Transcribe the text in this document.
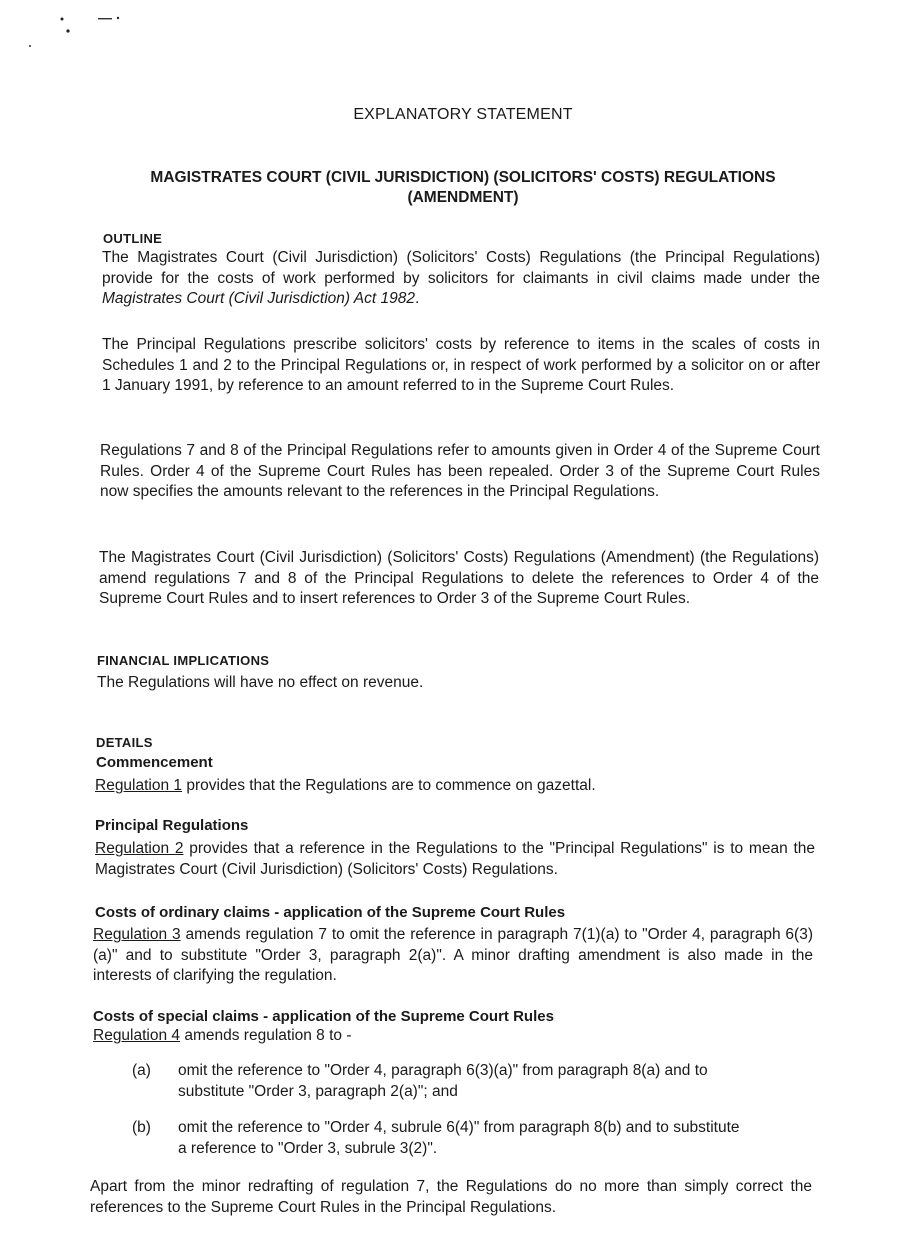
EXPLANATORY STATEMENT
MAGISTRATES COURT (CIVIL JURISDICTION) (SOLICITORS' COSTS) REGULATIONS
(AMENDMENT)
OUTLINE

The Magistrates Court (Civil Jurisdiction) (Solicitors' Costs) Regulations (the Principal Regulations) provide for the costs of work performed by solicitors for claimants in civil claims made under the Magistrates Court (Civil Jurisdiction) Act 1982.

The Principal Regulations prescribe solicitors' costs by reference to items in the scales of costs in Schedules 1 and 2 to the Principal Regulations or, in respect of work performed by a solicitor on or after 1 January 1991, by reference to an amount referred to in the Supreme Court Rules.

Regulations 7 and 8 of the Principal Regulations refer to amounts given in Order 4 of the Supreme Court Rules. Order 4 of the Supreme Court Rules has been repealed. Order 3 of the Supreme Court Rules now specifies the amounts relevant to the references in the Principal Regulations.

The Magistrates Court (Civil Jurisdiction) (Solicitors' Costs) Regulations (Amendment) (the Regulations) amend regulations 7 and 8 of the Principal Regulations to delete the references to Order 4 of the Supreme Court Rules and to insert references to Order 3 of the Supreme Court Rules.

FINANCIAL IMPLICATIONS

The Regulations will have no effect on revenue.

DETAILS
Commencement

Regulation 1 provides that the Regulations are to commence on gazettal.

Principal Regulations

Regulation 2 provides that a reference in the Regulations to the "Principal Regulations" is to mean the Magistrates Court (Civil Jurisdiction) (Solicitors' Costs) Regulations.

Costs of ordinary claims - application of the Supreme Court Rules

Regulation 3 amends regulation 7 to omit the reference in paragraph 7(1)(a) to "Order 4, paragraph 6(3)(a)" and to substitute "Order 3, paragraph 2(a)". A minor drafting amendment is also made in the interests of clarifying the regulation.

Costs of special claims - application of the Supreme Court Rules

Regulation 4 amends regulation 8 to -

(a) omit the reference to "Order 4, paragraph 6(3)(a)" from paragraph 8(a) and to substitute "Order 3, paragraph 2(a)"; and
(b) omit the reference to "Order 4, subrule 6(4)" from paragraph 8(b) and to substitute a reference to "Order 3, subrule 3(2)".

Apart from the minor redrafting of regulation 7, the Regulations do no more than simply correct the references to the Supreme Court Rules in the Principal Regulations.
